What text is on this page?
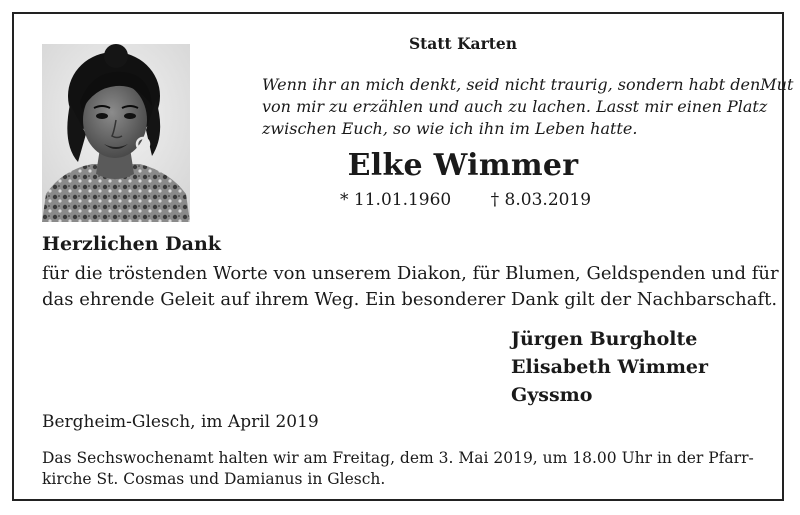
Statt Karten
Wenn ihr an mich denkt, seid nicht traurig, sondern habt denMut
von mir zu erzählen und auch zu lachen. Lasst mir einen Platz
zwischen Euch, so wie ich ihn im Leben hatte.
Elke Wimmer
* 11.01.1960 † 8.03.2019
Herzlichen Dank
für die tröstenden Worte von unserem Diakon, für Blumen, Geldspenden und für
das ehrende Geleit auf ihrem Weg. Ein besonderer Dank gilt der Nachbarschaft.
Jürgen Burgholte
Elisabeth Wimmer
Gyssmo
Bergheim-Glesch, im April 2019
Das Sechswochenamt halten wir am Freitag, dem 3. Mai 2019, um 18.00 Uhr in der Pfarr-
kirche St. Cosmas und Damianus in Glesch.
